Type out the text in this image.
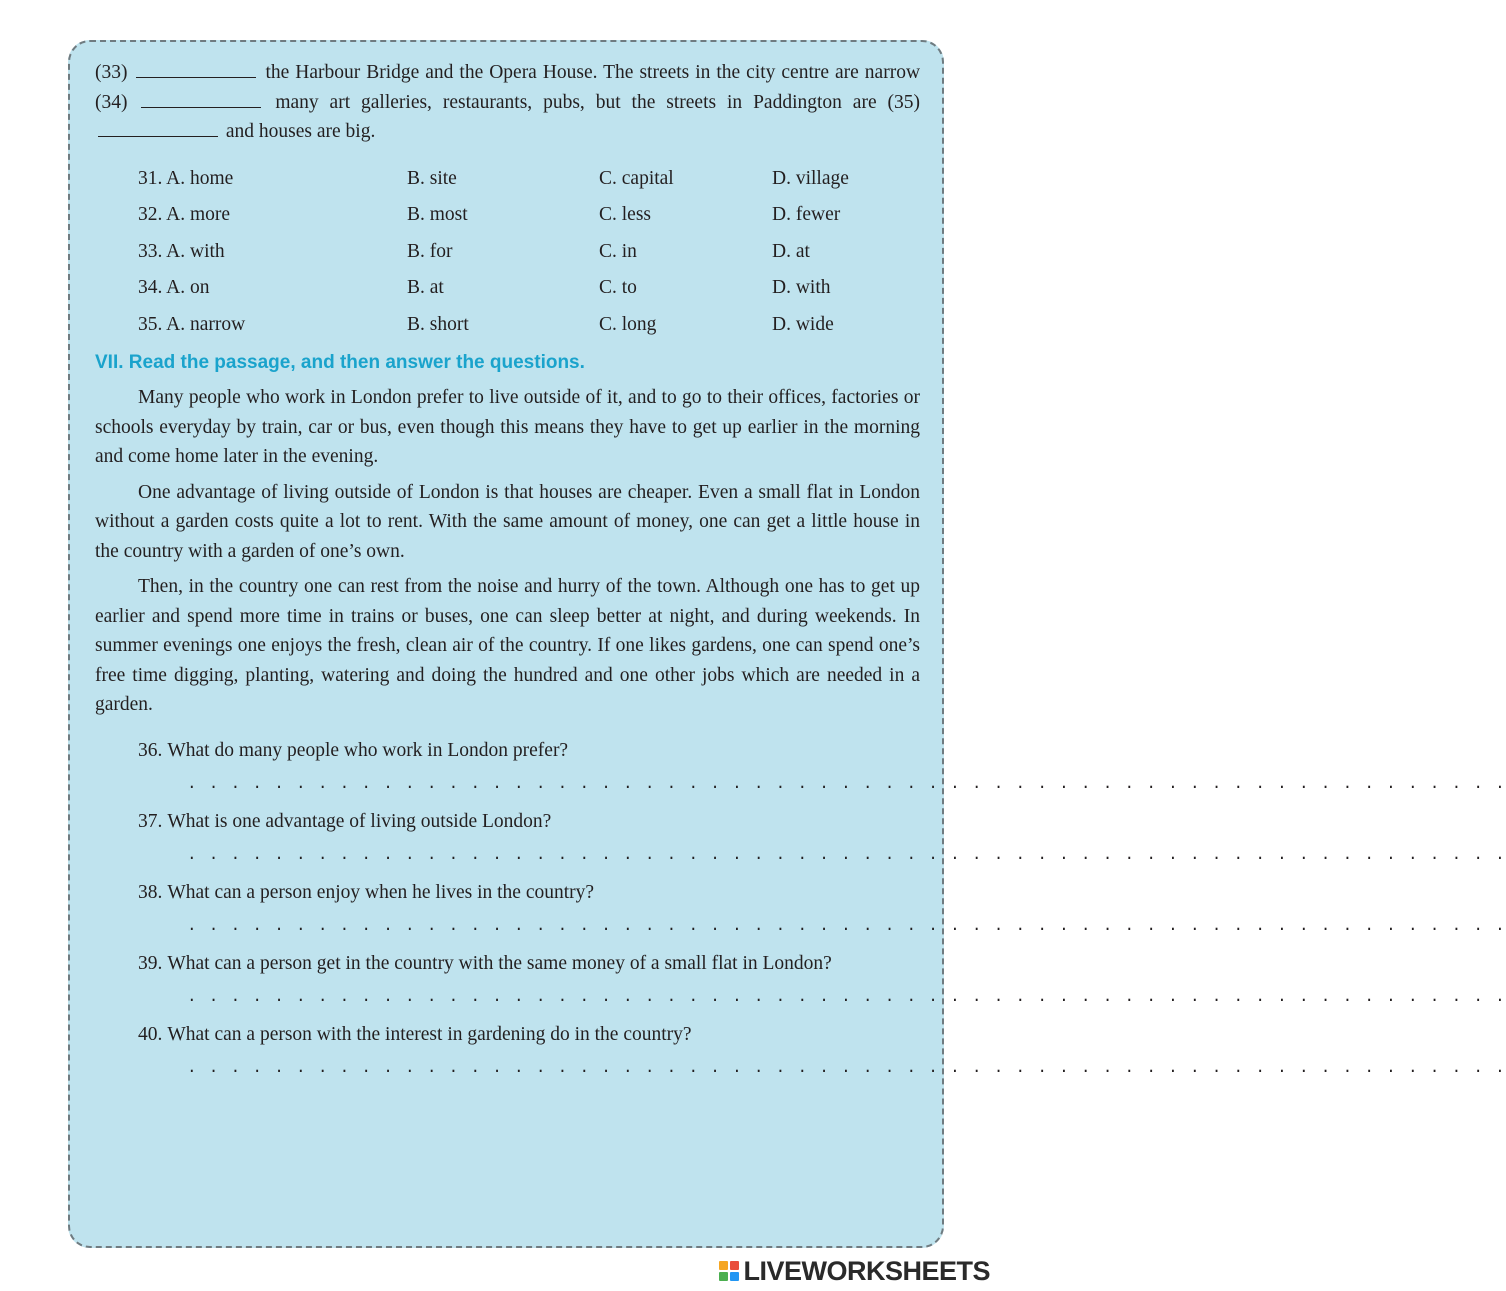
(33)	the Harbour Bridge and the Opera House. The streets in the city centre are narrow (34)	many art galleries, restaurants, pubs, but the streets in Paddington are (35)  and houses are big.

31. A. home	B. site	C. capital	D. village
32. A. more	B. most	C. less	D. fewer
33. A. with	B. for	C. in	D. at
34. A. on	B. at	C. to	D. with
35. A. narrow	B. short	C. long	D. wide
VII. Read the passage, and then answer the questions.

Many people who work in London prefer to live outside of it, and to go to their offices, factories or schools everyday by train, car or bus, even though this means they have to get up earlier in the morning and come home later in the evening.

One advantage of living outside of London is that houses are cheaper. Even a small flat in London without a garden costs quite a lot to rent. With the same amount of money, one can get a little house in the country with a garden of one’s own.

Then, in the country one can rest from the noise and hurry of the town. Although one has to get up earlier and spend more time in trains or buses, one can sleep better at night, and during weekends. In summer evenings one enjoys the fresh, clean air of the country. If one likes gardens, one can spend one’s free time digging, planting, watering and doing the hundred and one other jobs which are needed in a garden.

36. What do many people who work in London prefer?
. . . . . . . . . . . . . . . . . . . . . . . . . . . . . . . . . . . . . . . . . . . . . . . . . . . . . . . . . . . . .
37. What is one advantage of living outside London?
. . . . . . . . . . . . . . . . . . . . . . . . . . . . . . . . . . . . . . . . . . . . . . . . . . . . . . . . . . . . .
38. What can a person enjoy when he lives in the country?
. . . . . . . . . . . . . . . . . . . . . . . . . . . . . . . . . . . . . . . . . . . . . . . . . . . . . . . . . . . . .
39. What can a person get in the country with the same money of a small flat in London?
. . . . . . . . . . . . . . . . . . . . . . . . . . . . . . . . . . . . . . . . . . . . . . . . . . . . . . . . . . . . .
40. What can a person with the interest in gardening do in the country?
. . . . . . . . . . . . . . . . . . . . . . . . . . . . . . . . . . . . . . . . . . . . . . . . . . . . . . . . . . . . .
LIVEWORKSHEETS
